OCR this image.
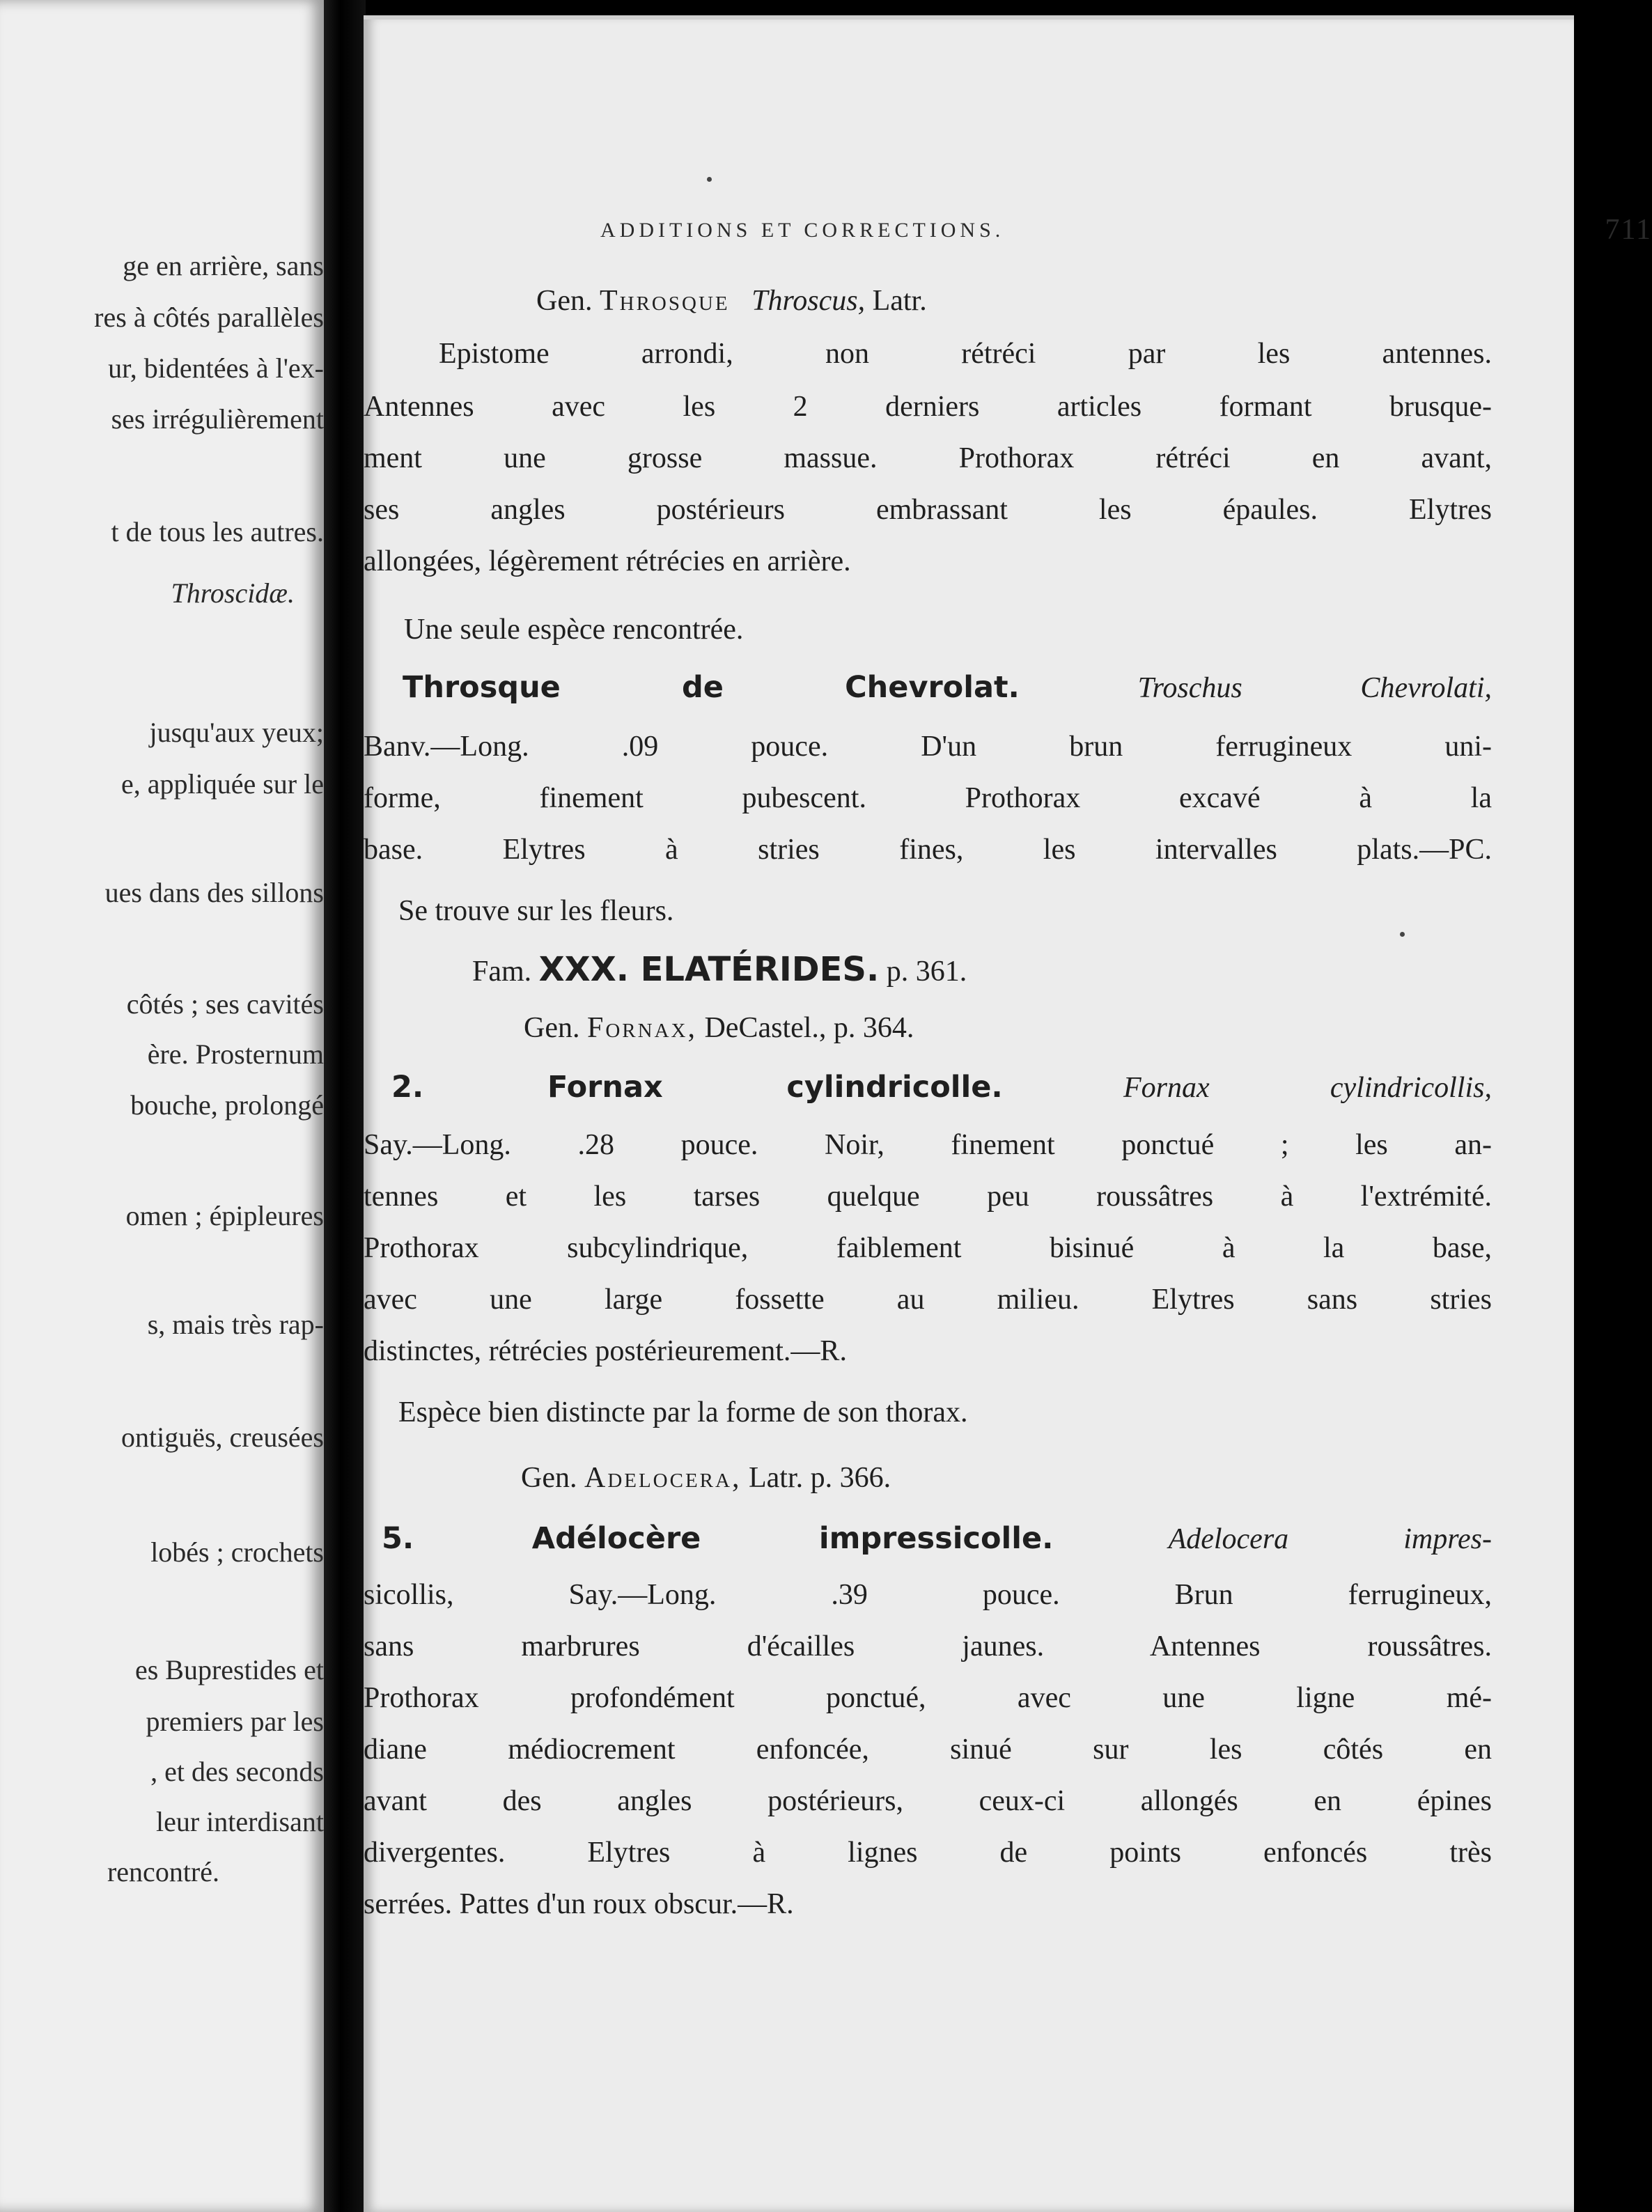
ge en arrière, sans
res à côtés parallèles
ur, bidentées à l'ex-
ses irrégulièrement
t de tous les autres.
Throscidæ.
jusqu'aux yeux;
e, appliquée sur le
ues dans des sillons
côtés ; ses cavités
ère. Prosternum
bouche, prolongé
omen ; épipleures
s, mais très rap-
ontiguës, creusées
lobés ; crochets
es Buprestides et
premiers par les
, et des seconds
leur interdisant
rencontré.
ADDITIONS ET CORRECTIONS.	711
Gen. Throsque Throscus, Latr.
Epistome arrondi, non rétréci par les antennes.
Antennes avec les 2 derniers articles formant brusque-
ment une grosse massue. Prothorax rétréci en avant,
ses angles postérieurs embrassant les épaules. Elytres
allongées, légèrement rétrécies en arrière.
Une seule espèce rencontrée.
Throsque de Chevrolat.	Troschus Chevrolati,
Banv.—Long. .09 pouce. D'un brun ferrugineux uni-
forme, finement pubescent. Prothorax excavé à la
base. Elytres à stries fines, les intervalles plats.—PC.
Se trouve sur les fleurs.
Fam. XXX. ELATÉRIDES. p. 361.
Gen. Fornax, DeCastel., p. 364.
2. Fornax cylindricolle.	Fornax cylindricollis,
Say.—Long. .28 pouce. Noir, finement ponctué ; les an-
tennes et les tarses quelque peu roussâtres à l'extrémité.
Prothorax subcylindrique, faiblement bisinué à la base,
avec une large fossette au milieu. Elytres sans stries
distinctes, rétrécies postérieurement.—R.
Espèce bien distincte par la forme de son thorax.
Gen. Adelocera, Latr. p. 366.
5. Adélocère impressicolle.	Adelocera impres-
sicollis, Say.—Long. .39 pouce. Brun ferrugineux,
sans marbrures d'écailles jaunes. Antennes roussâtres.
Prothorax profondément ponctué, avec une ligne mé-
diane médiocrement enfoncée, sinué sur les côtés en
avant des angles postérieurs, ceux-ci allongés en épines
divergentes. Elytres à lignes de points enfoncés très
serrées. Pattes d'un roux obscur.—R.
